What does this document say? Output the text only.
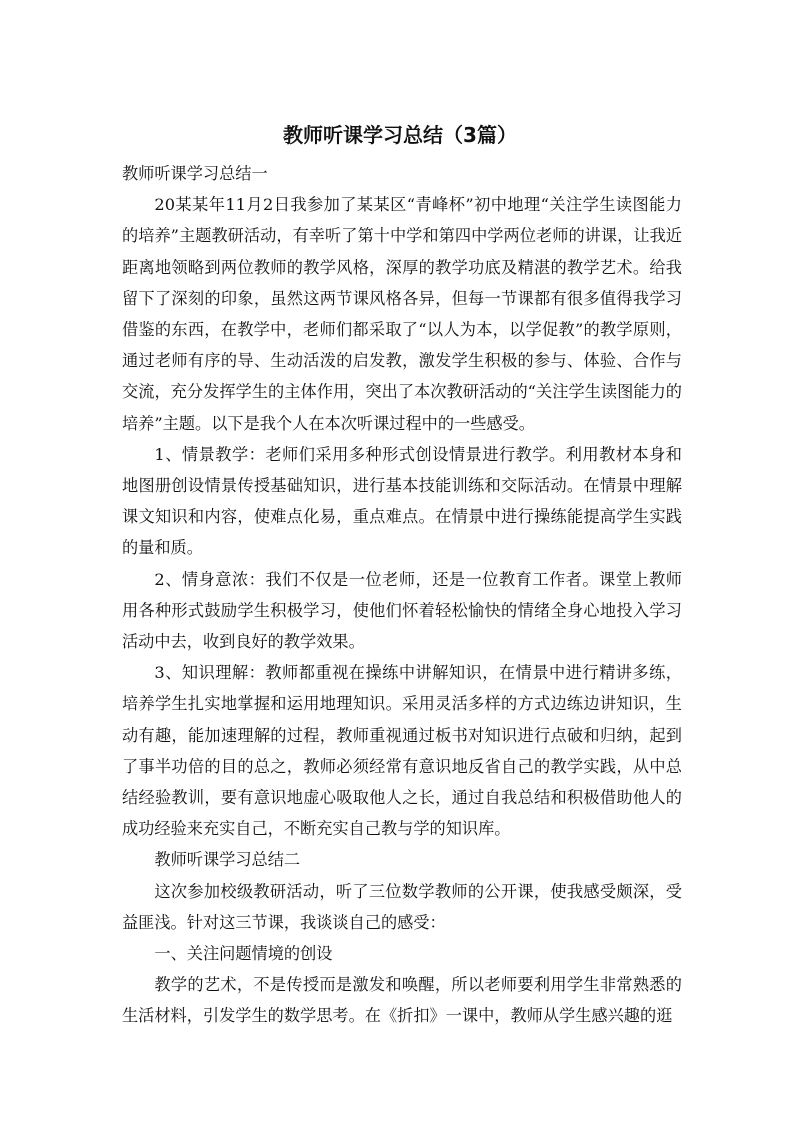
教师听课学习总结（3篇）

教师听课学习总结一

20某某年11月2日我参加了某某区“青峰杯”初中地理“关注学生读图能力的培养”主题教研活动，有幸听了第十中学和第四中学两位老师的讲课，让我近距离地领略到两位教师的教学风格，深厚的教学功底及精湛的教学艺术。给我留下了深刻的印象，虽然这两节课风格各异，但每一节课都有很多值得我学习借鉴的东西，在教学中，老师们都采取了“以人为本，以学促教”的教学原则，通过老师有序的导、生动活泼的启发教，激发学生积极的参与、体验、合作与交流，充分发挥学生的主体作用，突出了本次教研活动的“关注学生读图能力的培养”主题。以下是我个人在本次听课过程中的一些感受。

1、情景教学：老师们采用多种形式创设情景进行教学。利用教材本身和地图册创设情景传授基础知识，进行基本技能训练和交际活动。在情景中理解课文知识和内容，使难点化易，重点难点。在情景中进行操练能提高学生实践的量和质。

2、情身意浓：我们不仅是一位老师，还是一位教育工作者。课堂上教师用各种形式鼓励学生积极学习，使他们怀着轻松愉快的情绪全身心地投入学习活动中去，收到良好的教学效果。

3、知识理解：教师都重视在操练中讲解知识，在情景中进行精讲多练，培养学生扎实地掌握和运用地理知识。采用灵活多样的方式边练边讲知识，生动有趣，能加速理解的过程，教师重视通过板书对知识进行点破和归纳，起到了事半功倍的目的总之，教师必须经常有意识地反省自己的教学实践，从中总结经验教训，要有意识地虚心吸取他人之长，通过自我总结和积极借助他人的成功经验来充实自己，不断充实自己教与学的知识库。

教师听课学习总结二

这次参加校级教研活动，听了三位数学教师的公开课，使我感受颇深，受益匪浅。针对这三节课，我谈谈自己的感受：

一、关注问题情境的创设

教学的艺术，不是传授而是激发和唤醒，所以老师要利用学生非常熟悉的生活材料，引发学生的数学思考。在《折扣》一课中，教师从学生感兴趣的逛
